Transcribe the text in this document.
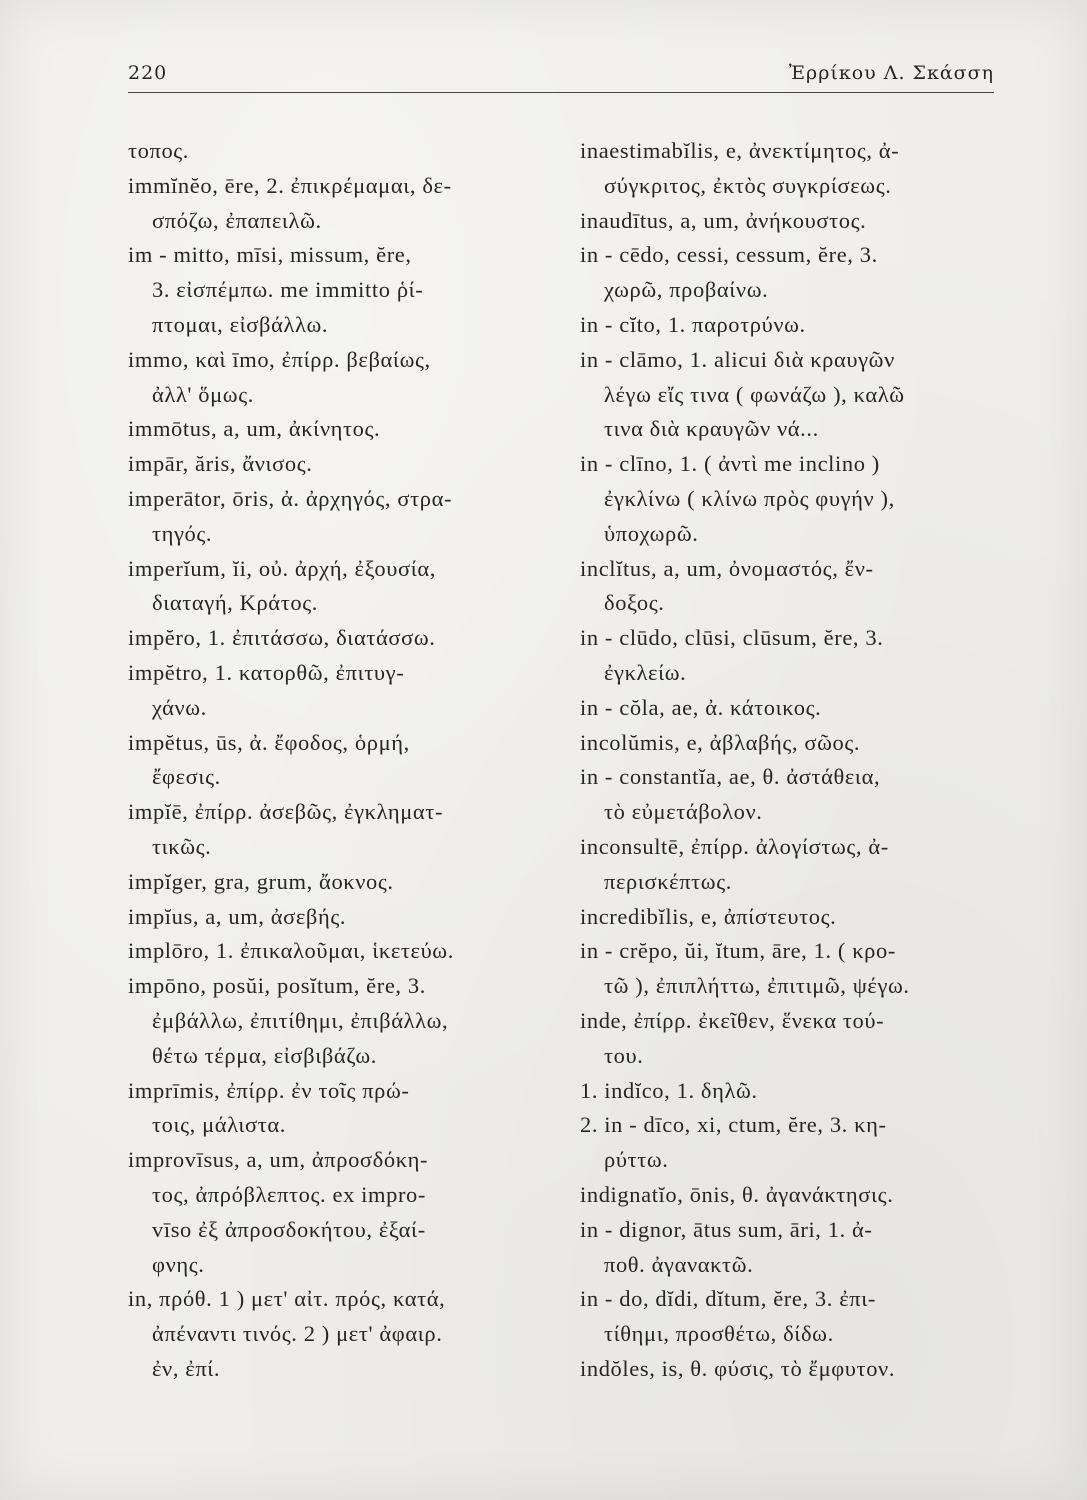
220	Ἐρρίκου Λ. Σκάσση
τοπος.
immĭnĕo, ēre, 2. ἐπικρέμαμαι, δε-
σπόζω, ἐπαπειλῶ.
im - mitto, mīsi, missum, ĕre,
3. εἰσπέμπω. me immitto ῥί-
πτομαι, εἰσβάλλω.
immo, καὶ īmo, ἐπίρρ. βεβαίως,
ἀλλ' ὅμως.
immōtus, a, um, ἀκίνητος.
impār, ăris, ἄνισος.
imperātor, ōris, ἀ. ἀρχηγός, στρα-
τηγός.
imperĭum, ĭi, οὐ. ἀρχή, ἐξουσία,
διαταγή, Κράτος.
impĕro, 1. ἐπιτάσσω, διατάσσω.
impĕtro, 1. κατορθῶ, ἐπιτυγ-
χάνω.
impĕtus, ūs, ἀ. ἔφοδος, ὁρμή,
ἔφεσις.
impĭē, ἐπίρρ. ἀσεβῶς, ἐγκληματ-
τικῶς.
impĭger, gra, grum, ἄοκνος.
impĭus, a, um, ἀσεβής.
implōro, 1. ἐπικαλοῦμαι, ἱκετεύω.
impōno, posŭi, posĭtum, ĕre, 3.
ἐμβάλλω, ἐπιτίθημι, ἐπιβάλλω,
θέτω τέρμα, εἰσβιβάζω.
imprīmis, ἐπίρρ. ἐν τοῖς πρώ-
τοις, μάλιστα.
improvīsus, a, um, ἀπροσδόκη-
τος, ἀπρόβλεπτος. ex impro-
vīso ἐξ ἀπροσδοκήτου, ἐξαί-
φνης.
in, πρόθ. 1 ) μετ' αἰτ. πρός, κατά,
ἀπέναντι τινός. 2 ) μετ' ἀφαιρ.
ἐν, ἐπί.
inaestimabĭlis, e, ἀνεκτίμητος, ἀ-
σύγκριτος, ἐκτὸς συγκρίσεως.
inaudītus, a, um, ἀνήκουστος.
in - cēdo, cessi, cessum, ĕre, 3.
χωρῶ, προβαίνω.
in - cĭto, 1. παροτρύνω.
in - clāmo, 1. alicui διὰ κραυγῶν
λέγω εἴς τινα ( φωνάζω ), καλῶ
τινα διὰ κραυγῶν νά...
in - clīno, 1. ( ἀντὶ me inclino )
ἐγκλίνω ( κλίνω πρὸς φυγήν ),
ὑποχωρῶ.
inclĭtus, a, um, ὀνομαστός, ἔν-
δοξος.
in - clūdo, clūsi, clūsum, ĕre, 3.
ἐγκλείω.
in - cŏla, ae, ἀ. κάτοικος.
incolŭmis, e, ἀβλαβής, σῶος.
in - constantĭa, ae, θ. ἀστάθεια,
τὸ εὐμετάβολον.
inconsultē, ἐπίρρ. ἀλογίστως, ἀ-
περισκέπτως.
incredibĭlis, e, ἀπίστευτος.
in - crĕpo, ŭi, ĭtum, āre, 1. ( κρο-
τῶ ), ἐπιπλήττω, ἐπιτιμῶ, ψέγω.
inde, ἐπίρρ. ἐκεῖθεν, ἕνεκα τού-
του.
1. indĭco, 1. δηλῶ.
2. in - dīco, xi, ctum, ĕre, 3. κη-
ρύττω.
indignatĭo, ōnis, θ. ἀγανάκτησις.
in - dignor, ātus sum, āri, 1. ἀ-
ποθ. ἀγανακτῶ.
in - do, dĭdi, dĭtum, ĕre, 3. ἐπι-
τίθημι, προσθέτω, δίδω.
indŏles, is, θ. φύσις, τὸ ἔμφυτον.
